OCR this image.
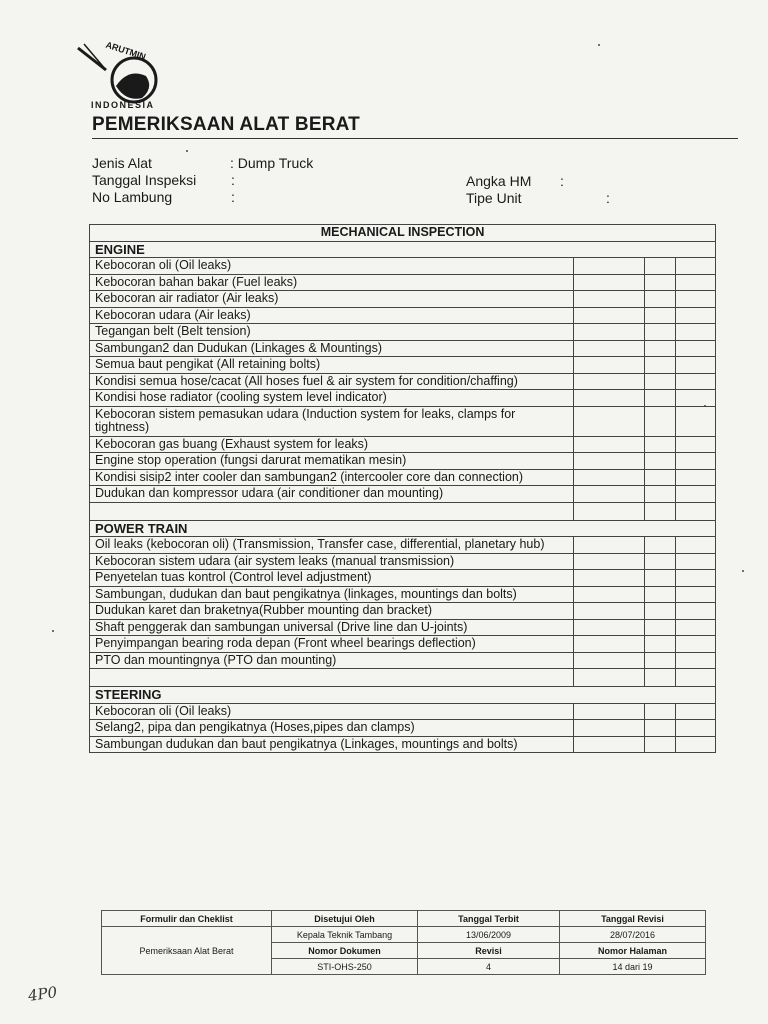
ARUTMIN
INDONESIA
PEMERIKSAAN ALAT BERAT
Jenis Alat	: Dump Truck
Tanggal Inspeksi :
No Lambung	:
Angka HM :
Tipe Unit	:
MECHANICAL INSPECTION			
ENGINE			
Kebocoran oli (Oil leaks)			
Kebocoran bahan bakar (Fuel leaks)			
Kebocoran air radiator (Air leaks)			
Kebocoran udara (Air leaks)			
Tegangan belt (Belt tension)			
Sambungan2 dan Dudukan (Linkages & Mountings)			
Semua baut pengikat (All retaining bolts)			
Kondisi semua hose/cacat (All hoses fuel & air system for condition/chaffing)			
Kondisi hose radiator (cooling system level indicator)			
Kebocoran sistem pemasukan udara (Induction system for leaks, clamps for tightness)			
Kebocoran gas buang (Exhaust system for leaks)			
Engine stop operation (fungsi darurat mematikan mesin)			
Kondisi sisip2 inter cooler dan sambungan2 (intercooler core dan connection)			
Dudukan dan kompressor udara (air conditioner dan mounting)			

POWER TRAIN			
Oil leaks (kebocoran oli) (Transmission, Transfer case, differential, planetary hub)			
Kebocoran sistem udara (air system leaks (manual transmission)			
Penyetelan tuas kontrol (Control level adjustment)			
Sambungan, dudukan dan baut pengikatnya (linkages, mountings dan bolts)			
Dudukan karet dan braketnya(Rubber mounting dan bracket)			
Shaft penggerak dan sambungan universal (Drive line dan U-joints)			
Penyimpangan bearing roda depan (Front wheel bearings deflection)			
PTO dan mountingnya (PTO dan mounting)			

STEERING			
Kebocoran oli (Oil leaks)			
Selang2, pipa dan pengikatnya (Hoses,pipes dan clamps)			
Sambungan dudukan dan baut pengikatnya (Linkages, mountings and bolts)			
Formulir dan Cheklist	Disetujui Oleh	Tanggal Terbit	Tanggal Revisi
Pemeriksaan Alat Berat	Kepala Teknik Tambang	13/06/2009	28/07/2016
	Nomor Dokumen	Revisi	Nomor Halaman
	STI-OHS-250	4	14 dari 19
4P0
